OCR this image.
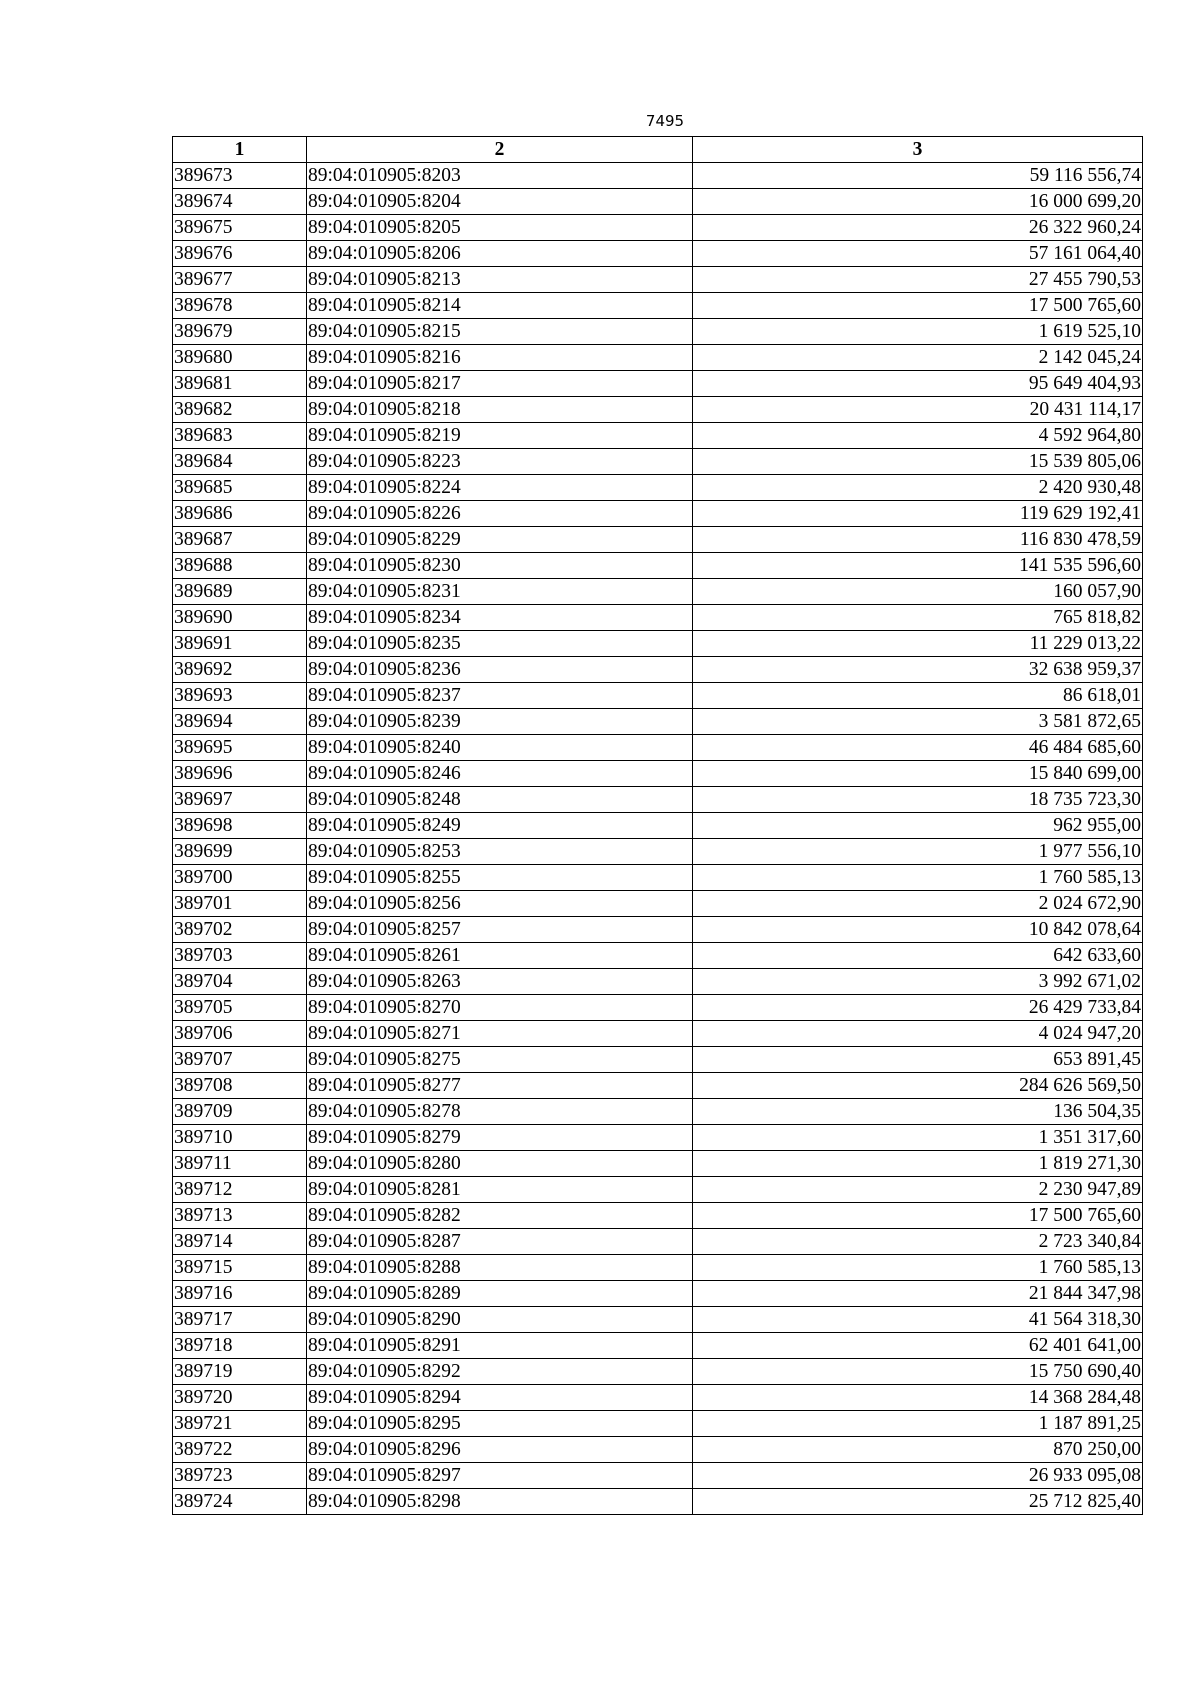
7495
1	2	3
389673	89:04:010905:8203	59 116 556,74
389674	89:04:010905:8204	16 000 699,20
389675	89:04:010905:8205	26 322 960,24
389676	89:04:010905:8206	57 161 064,40
389677	89:04:010905:8213	27 455 790,53
389678	89:04:010905:8214	17 500 765,60
389679	89:04:010905:8215	1 619 525,10
389680	89:04:010905:8216	2 142 045,24
389681	89:04:010905:8217	95 649 404,93
389682	89:04:010905:8218	20 431 114,17
389683	89:04:010905:8219	4 592 964,80
389684	89:04:010905:8223	15 539 805,06
389685	89:04:010905:8224	2 420 930,48
389686	89:04:010905:8226	119 629 192,41
389687	89:04:010905:8229	116 830 478,59
389688	89:04:010905:8230	141 535 596,60
389689	89:04:010905:8231	160 057,90
389690	89:04:010905:8234	765 818,82
389691	89:04:010905:8235	11 229 013,22
389692	89:04:010905:8236	32 638 959,37
389693	89:04:010905:8237	86 618,01
389694	89:04:010905:8239	3 581 872,65
389695	89:04:010905:8240	46 484 685,60
389696	89:04:010905:8246	15 840 699,00
389697	89:04:010905:8248	18 735 723,30
389698	89:04:010905:8249	962 955,00
389699	89:04:010905:8253	1 977 556,10
389700	89:04:010905:8255	1 760 585,13
389701	89:04:010905:8256	2 024 672,90
389702	89:04:010905:8257	10 842 078,64
389703	89:04:010905:8261	642 633,60
389704	89:04:010905:8263	3 992 671,02
389705	89:04:010905:8270	26 429 733,84
389706	89:04:010905:8271	4 024 947,20
389707	89:04:010905:8275	653 891,45
389708	89:04:010905:8277	284 626 569,50
389709	89:04:010905:8278	136 504,35
389710	89:04:010905:8279	1 351 317,60
389711	89:04:010905:8280	1 819 271,30
389712	89:04:010905:8281	2 230 947,89
389713	89:04:010905:8282	17 500 765,60
389714	89:04:010905:8287	2 723 340,84
389715	89:04:010905:8288	1 760 585,13
389716	89:04:010905:8289	21 844 347,98
389717	89:04:010905:8290	41 564 318,30
389718	89:04:010905:8291	62 401 641,00
389719	89:04:010905:8292	15 750 690,40
389720	89:04:010905:8294	14 368 284,48
389721	89:04:010905:8295	1 187 891,25
389722	89:04:010905:8296	870 250,00
389723	89:04:010905:8297	26 933 095,08
389724	89:04:010905:8298	25 712 825,40
